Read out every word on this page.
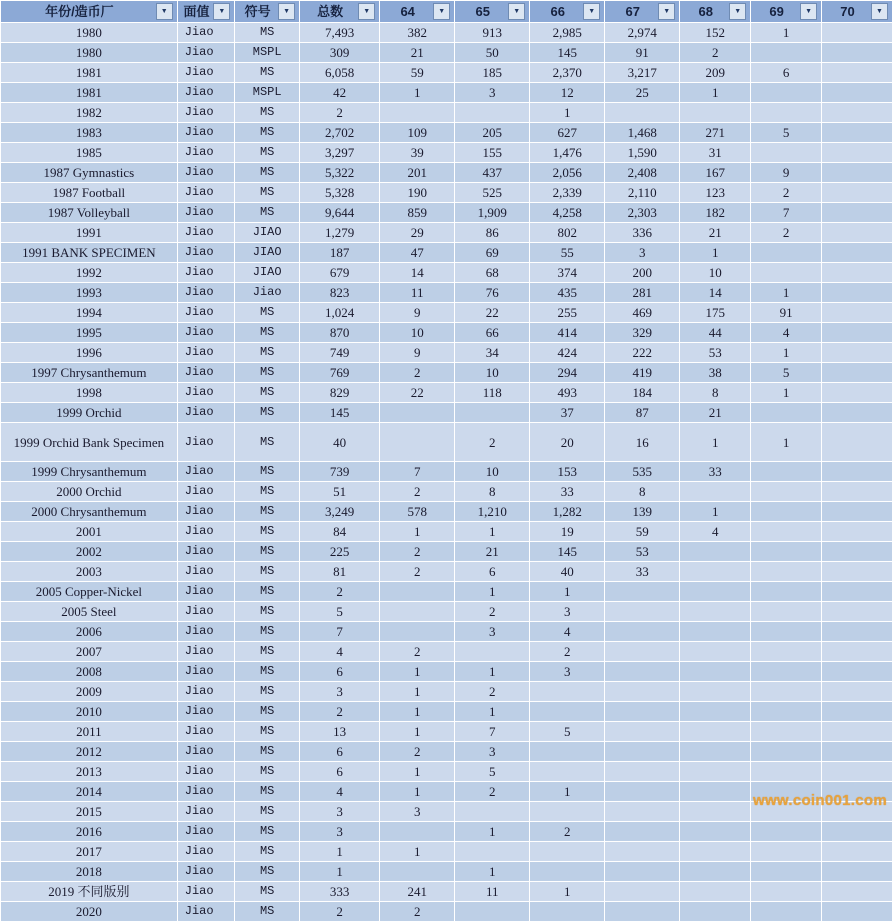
年份/造币厂 ▼	面值 ▼	符号 ▼	总数 ▼	64 ▼	65 ▼	66 ▼	67 ▼	68 ▼	69 ▼	70 ▼

1980	Jiao	MS	7,493	382	913	2,985	2,974	152	1	
1980	Jiao	MSPL	309	21	50	145	91	2		
1981	Jiao	MS	6,058	59	185	2,370	3,217	209	6	
1981	Jiao	MSPL	42	1	3	12	25	1		
1982	Jiao	MS	2			1				
1983	Jiao	MS	2,702	109	205	627	1,468	271	5	
1985	Jiao	MS	3,297	39	155	1,476	1,590	31		
1987 Gymnastics	Jiao	MS	5,322	201	437	2,056	2,408	167	9	
1987 Football	Jiao	MS	5,328	190	525	2,339	2,110	123	2	
1987 Volleyball	Jiao	MS	9,644	859	1,909	4,258	2,303	182	7	
1991	Jiao	JIAO	1,279	29	86	802	336	21	2	
1991 BANK SPECIMEN	Jiao	JIAO	187	47	69	55	3	1		
1992	Jiao	JIAO	679	14	68	374	200	10		
1993	Jiao	Jiao	823	11	76	435	281	14	1	
1994	Jiao	MS	1,024	9	22	255	469	175	91	
1995	Jiao	MS	870	10	66	414	329	44	4	
1996	Jiao	MS	749	9	34	424	222	53	1	
1997 Chrysanthemum	Jiao	MS	769	2	10	294	419	38	5	
1998	Jiao	MS	829	22	118	493	184	8	1	
1999 Orchid	Jiao	MS	145			37	87	21		
1999 Orchid Bank Specimen	Jiao	MS	40		2	20	16	1	1	
1999 Chrysanthemum	Jiao	MS	739	7	10	153	535	33		
2000 Orchid	Jiao	MS	51	2	8	33	8			
2000 Chrysanthemum	Jiao	MS	3,249	578	1,210	1,282	139	1		
2001	Jiao	MS	84	1	1	19	59	4		
2002	Jiao	MS	225	2	21	145	53			
2003	Jiao	MS	81	2	6	40	33			
2005 Copper-Nickel	Jiao	MS	2		1	1				
2005 Steel	Jiao	MS	5		2	3				
2006	Jiao	MS	7		3	4				
2007	Jiao	MS	4	2		2				
2008	Jiao	MS	6	1	1	3				
2009	Jiao	MS	3	1	2					
2010	Jiao	MS	2	1	1					
2011	Jiao	MS	13	1	7	5				
2012	Jiao	MS	6	2	3					
2013	Jiao	MS	6	1	5					
2014	Jiao	MS	4	1	2	1				
2015	Jiao	MS	3	3						
2016	Jiao	MS	3		1	2				
2017	Jiao	MS	1	1						
2018	Jiao	MS	1		1					
2019 不同版别	Jiao	MS	333	241	11	1				
2020	Jiao	MS	2	2						
www.coin001.com
